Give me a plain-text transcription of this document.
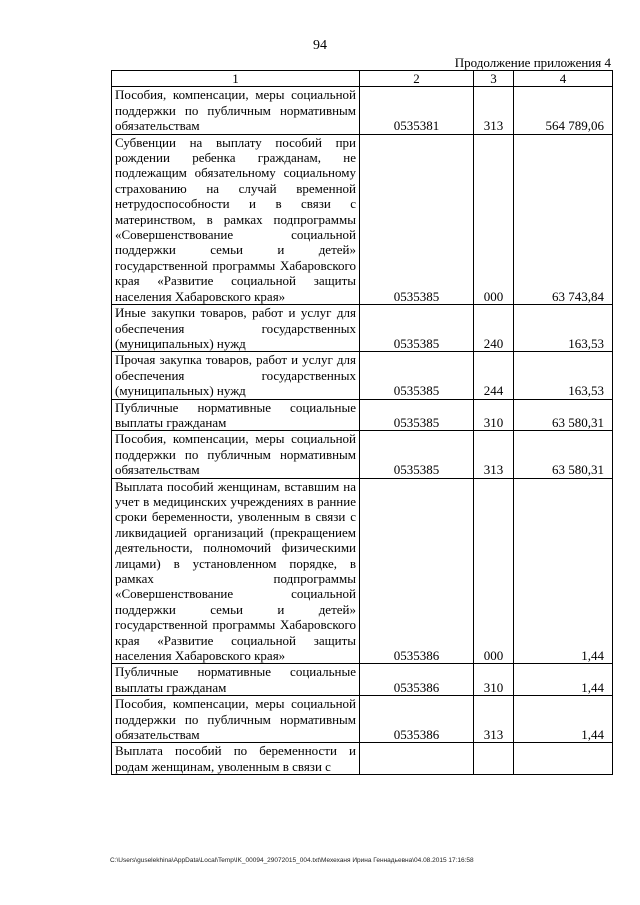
94
Продолжение приложения 4
1	2	3	4
Пособия, компенсации, меры социальной поддержки по публичным нормативным обязательствам	0535381	313	564 789,06
Субвенции на выплату пособий при рождении ребенка гражданам, не подлежащим обязательному социальному страхованию на случай временной нетрудоспособности и в связи с материнством, в рамках подпрограммы «Совершенствование социальной поддержки семьи и детей» государственной программы Хабаровского края «Развитие социальной защиты населения Хабаровского края»	0535385	000	63 743,84
Иные закупки товаров, работ и услуг для обеспечения государственных (муниципальных) нужд	0535385	240	163,53
Прочая закупка товаров, работ и услуг для обеспечения государственных (муниципальных) нужд	0535385	244	163,53
Публичные нормативные социальные выплаты гражданам	0535385	310	63 580,31
Пособия, компенсации, меры социальной поддержки по публичным нормативным обязательствам	0535385	313	63 580,31
Выплата пособий женщинам, вставшим на учет в медицинских учреждениях в ранние сроки беременности, уволенным в связи с ликвидацией организаций (прекращением деятельности, полномочий физическими лицами) в установленном порядке, в рамках подпрограммы «Совершенствование социальной поддержки семьи и детей» государственной программы Хабаровского края «Развитие социальной защиты населения Хабаровского края»	0535386	000	1,44
Публичные нормативные социальные выплаты гражданам	0535386	310	1,44
Пособия, компенсации, меры социальной поддержки по публичным нормативным обязательствам	0535386	313	1,44
Выплата пособий по беременности и родам женщинам, уволенным в связи с			
C:\Users\guselekhina\AppData\Local\Temp\IK_00094_29072015_004.txt\Мехеханя Ирина Геннадьевна\04.08.2015 17:16:58
